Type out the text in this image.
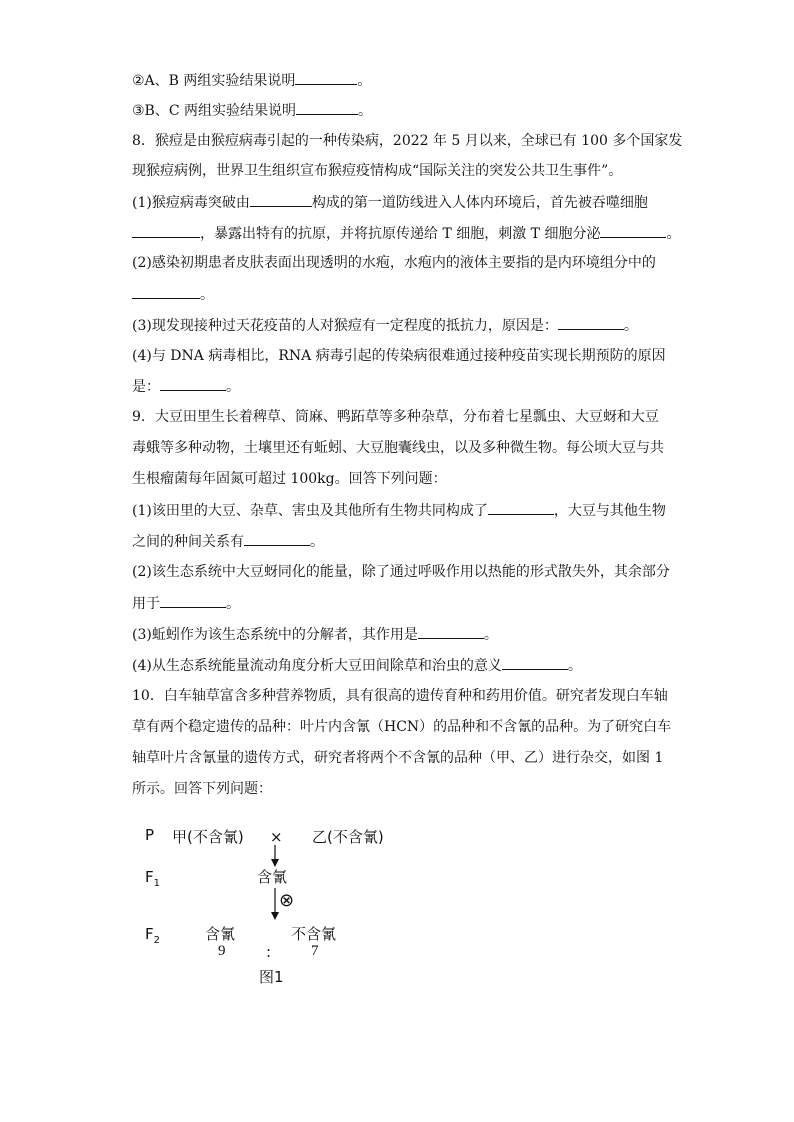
②A、B 两组实验结果说明	。
③B、C 两组实验结果说明	。
8．猴痘是由猴痘病毒引起的一种传染病，2022 年 5 月以来，全球已有 100 多个国家发
现猴痘病例，世界卫生组织宣布猴痘疫情构成“国际关注的突发公共卫生事件”。
(1)猴痘病毒突破由	构成的第一道防线进入人体内环境后，首先被吞噬细胞
，暴露出特有的抗原，并将抗原传递给 T 细胞，刺激 T 细胞分泌	。
(2)感染初期患者皮肤表面出现透明的水疱，水疱内的液体主要指的是内环境组分中的
。
(3)现发现接种过天花疫苗的人对猴痘有一定程度的抵抗力，原因是：	。
(4)与 DNA 病毒相比，RNA 病毒引起的传染病很难通过接种疫苗实现长期预防的原因
是：	。
9．大豆田里生长着稗草、筒麻、鸭跖草等多种杂草，分布着七星瓢虫、大豆蚜和大豆
毒蛾等多种动物，土壤里还有蚯蚓、大豆胞囊线虫，以及多种微生物。每公顷大豆与共
生根瘤菌每年固氮可超过 100kg。回答下列问题：
(1)该田里的大豆、杂草、害虫及其他所有生物共同构成了	，大豆与其他生物
之间的种间关系有	。
(2)该生态系统中大豆蚜同化的能量，除了通过呼吸作用以热能的形式散失外，其余部分
用于	。
(3)蚯蚓作为该生态系统中的分解者，其作用是	。
(4)从生态系统能量流动角度分析大豆田间除草和治虫的意义	。
10．白车轴草富含多种营养物质，具有很高的遗传育种和药用价值。研究者发现白车轴
草有两个稳定遗传的品种：叶片内含氰（HCN）的品种和不含氰的品种。为了研究白车
轴草叶片含氰量的遗传方式，研究者将两个不含氰的品种（甲、乙）进行杂交，如图 1
所示。回答下列问题：
P 甲(不含氰) × 乙(不含氰)
$F_1$	含氰
⊗
$F_2$	含氰	不含氰
9	:	7
图1
